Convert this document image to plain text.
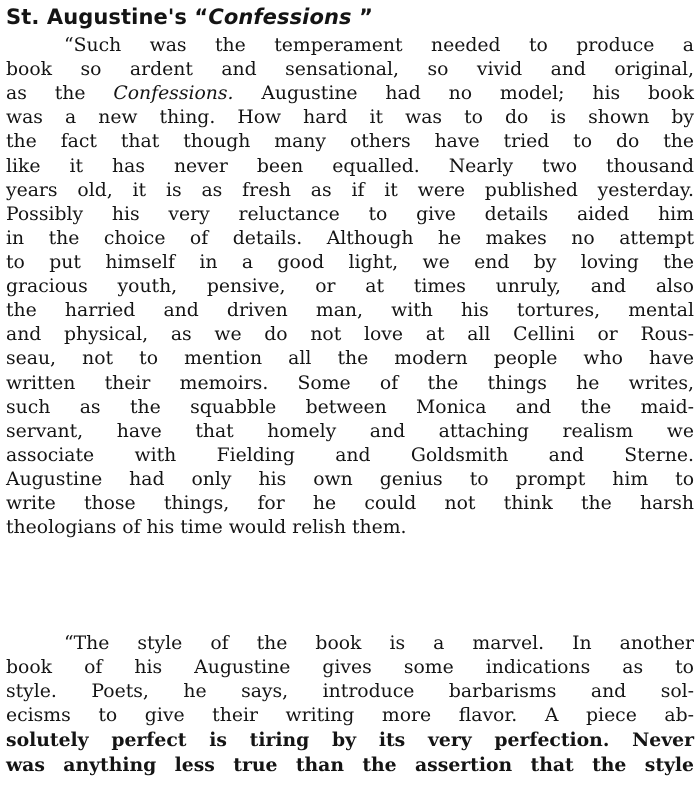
St. Augustine's “Confessions ”
“Such was the temperament needed to produce a
book so ardent and sensational, so vivid and original,
as the Confessions. Augustine had no model; his book
was a new thing. How hard it was to do is shown by
the fact that though many others have tried to do the
like it has never been equalled. Nearly two thousand
years old, it is as fresh as if it were published yesterday.
Possibly his very reluctance to give details aided him
in the choice of details. Although he makes no attempt
to put himself in a good light, we end by loving the
gracious youth, pensive, or at times unruly, and also
the harried and driven man, with his tortures, mental
and physical, as we do not love at all Cellini or Rous-
seau, not to mention all the modern people who have
written their memoirs. Some of the things he writes,
such as the squabble between Monica and the maid-
servant, have that homely and attaching realism we
associate with Fielding and Goldsmith and Sterne.
Augustine had only his own genius to prompt him to
write those things, for he could not think the harsh
theologians of his time would relish them.
“The style of the book is a marvel. In another
book of his Augustine gives some indications as to
style. Poets, he says, introduce barbarisms and sol-
ecisms to give their writing more flavor. A piece ab-
solutely perfect is tiring by its very perfection. Never
was anything less true than the assertion that the style
